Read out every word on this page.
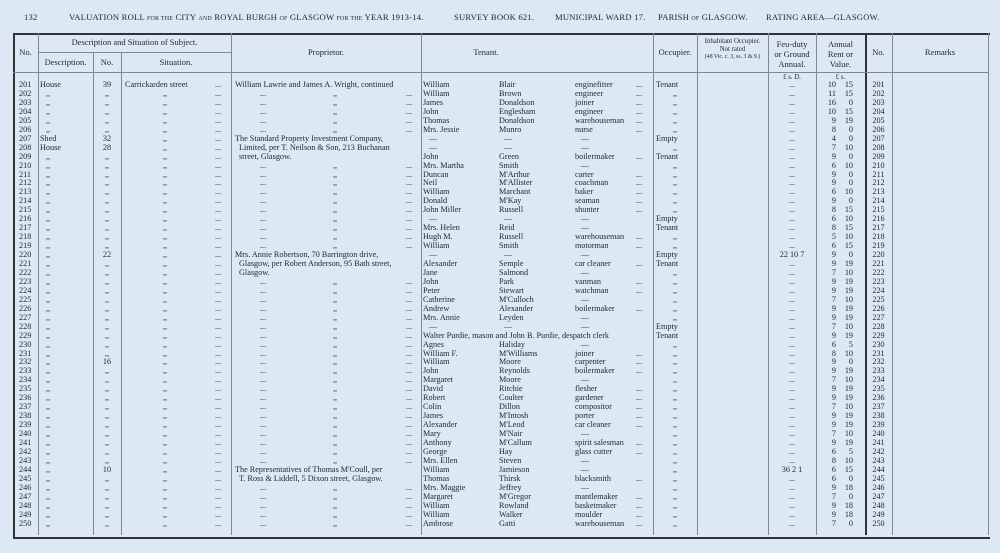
132	VALUATION ROLL FOR THE CITY AND ROYAL BURGH OF GLASGOW FOR THE YEAR 1913-14.	SURVEY BOOK 621. MUNICIPAL WARD 17. PARISH OF GLASGOW. RATING AREA—GLASGOW.
No.
Description and Situation of Subject.
Description.	No.	Situation.
Proprietor.	Tenant.	Occupier.
Inhabitant Occupier.
Not rated
(48 Vic. c. 3, ss. 3 & 9.)
Feu-duty
or Ground
Annual.
Annual
Rent or
Value.
No.	Remarks
£ s. D.	£ s.
201 House	39	Carrickarden street	... William Lawrie and James A. Wright, continued	William	Blair	enginefitter	... Tenant	...	10	15	201
202	,,	,,	,,	...	...	,,	... William	Brown	engineer	...	,,	...	11	15	202
203	,,	,,	,,	...	...	,,	... James	Donaldson	joiner	...	,,	...	16	0	203
204	,,	,,	,,	...	...	,,	... John	Englesham	engineer	...	,,	...	10	15	204
205	,,	,,	,,	...	...	,,	... Thomas	Donaldson	warehouseman ...	,,	...	9	19	205
206	,,	,,	,,	...	...	,,	... Mrs. Jessie	Munro	nurse	...	,,	...	8	0	206
207 Shed	32	,,	... The Standard Property Investment Company,	—	—	—	Empty	...	4	0	207
208 House	28	,,	... Limited, per T. Neilson & Son, 213 Buchanan	—	—	—	,,	...	7	10	208
209	,,	,,	,,	... street, Glasgow.	John	Green	boilermaker	... Tenant	...	9	0	209
210	,,	,,	,,	...	...	,,	... Mrs. Martha	Smith	—	,,	...	6	10	210
211	,,	,,	,,	...	...	,,	... Duncan	M'Arthur	carter	...	,,	...	9	0	211
212	,,	,,	,,	...	...	,,	... Neil	M'Allister	coachman	...	,,	...	9	0	212
213	,,	,,	,,	...	...	,,	... William	Marchant	baker	...	,,	...	6	10	213
214	,,	,,	,,	...	...	,,	... Donald	M'Kay	seaman	...	,,	...	9	0	214
215	,,	,,	,,	...	...	,,	... John Miller	Russell	shunter	...	,,	...	8	15	215
216	,,	,,	,,	...	...	,,	...	—	—	—	Empty	...	6	10	216
217	,,	,,	,,	...	...	,,	... Mrs. Helen	Reid	—	Tenant	...	8	15	217
218	,,	,,	,,	...	...	,,	... Hugh M.	Russell	warehouseman ...	,,	...	5	10	218
219	,,	,,	,,	...	...	,,	... William	Smith	motorman	...	,,	...	6	15	219
220	,,	22	,,	... Mrs. Annie Robertson, 70 Barrington drive,	—	—	—	Empty	22 10 7	9	0	220
221	,,	,,	,,	... Glasgow, per Robert Anderson, 95 Bath street,	Alexander	Semple	car cleaner	... Tenant	...	9	19	221
222	,,	,,	,,	... Glasgow.	Jane	Salmond	—	,,	...	7	10	222
223	,,	,,	,,	...	...	,,	... John	Park	vanman	...	,,	...	9	19	223
224	,,	,,	,,	...	...	,,	... Peter	Stewart	watchman	...	,,	...	9	19	224
225	,,	,,	,,	...	...	,,	... Catherine	M'Culloch	—	,,	...	7	10	225
226	,,	,,	,,	...	...	,,	... Andrew	Alexander	boilermaker	...	,,	...	9	19	226
227	,,	,,	,,	...	...	,,	... Mrs. Annie	Leyden	—	,,	...	9	19	227
228	,,	,,	,,	...	...	,,	...	—	—	—	Empty	...	7	10	228
229	,,	,,	,,	...	...	,,	... Walter Purdie, mason and John B. Purdie, despatch clerk	Tenant	...	9	19	229
230	,,	,,	,,	...	...	,,	... Agnes	Haliday	—	,,	...	6	5	230
231	,,	,,	,,	...	...	,,	... William F.	M'Williams	joiner	...	,,	...	8	10	231
232	,,	16	,,	...	...	,,	... William	Moore	carpenter	...	,,	...	9	0	232
233	,,	,,	,,	...	...	,,	... John	Reynolds	boilermaker	...	,,	...	9	19	233
234	,,	,,	,,	...	...	,,	... Margaret	Moore	—	,,	...	7	10	234
235	,,	,,	,,	...	...	,,	... David	Ritchie	flesher	...	,,	...	9	19	235
236	,,	,,	,,	...	...	,,	... Robert	Coulter	gardener	...	,,	...	9	19	236
237	,,	,,	,,	...	...	,,	... Colin	Dillon	compositor	...	,,	...	7	10	237
238	,,	,,	,,	...	...	,,	... James	M'Intosh	porter	...	,,	...	9	19	238
239	,,	,,	,,	...	...	,,	... Alexander	M'Leod	car cleaner	...	,,	...	9	19	239
240	,,	,,	,,	...	...	,,	... Mary	M'Nair	—	,,	...	7	10	240
241	,,	,,	,,	...	...	,,	... Anthony	M'Callum	spirit salesman ...	,,	...	9	19	241
242	,,	,,	,,	...	...	,,	... George	Hay	glass cutter	...	,,	...	6	5	242
243	,,	,,	,,	...	...	,,	... Mrs. Ellen	Steven	—	,,	...	8	10	243
244	,,	10	,,	... The Representatives of Thomas M'Coull, per	William	Jamieson	—	,,	36 2 1	6	15	244
245	,,	,,	,,	... T. Ross & Liddell, 5 Dixon street, Glasgow.	Thomas	Thirsk	blacksmith	...	,,	...	6	0	245
246	,,	,,	,,	...	...	,,	... Mrs. Maggie	Jeffrey	—	,,	...	9	18	246
247	,,	,,	,,	...	...	,,	... Margaret	M'Gregor	mantlemaker ...	,,	...	7	0	247
248	,,	,,	,,	...	...	,,	... William	Rowland	basketmaker ...	,,	...	9	18	248
249	,,	,,	,,	...	...	,,	... William	Walker	moulder	...	,,	...	9	18	249
250	,,	,,	,,	...	...	,,	... Ambrose	Gatti	warehouseman ...	,,	...	7	0	250
